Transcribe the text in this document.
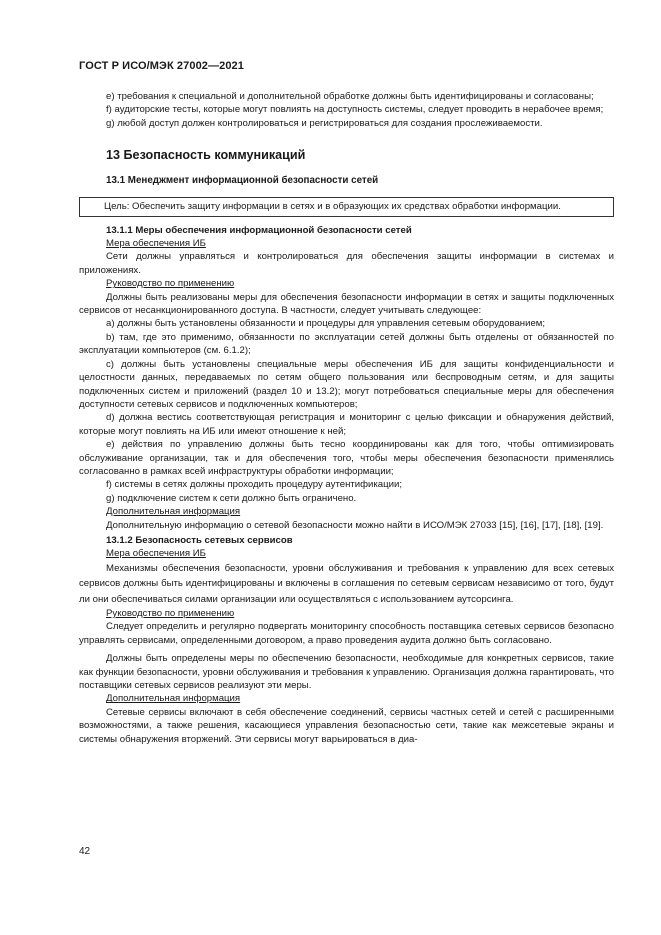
ГОСТ Р ИСО/МЭК 27002—2021

е) требования к специальной и дополнительной обработке должны быть идентифицированы и согласованы;

f) аудиторские тесты, которые могут повлиять на доступность системы, следует проводить в нерабочее время;

g) любой доступ должен контролироваться и регистрироваться для создания прослеживаемости.

13 Безопасность коммуникаций
13.1 Менеджмент информационной безопасности сетей
Цель: Обеспечить защиту информации в сетях и в образующих их средствах обработки информации.

13.1.1 Меры обеспечения информационной безопасности сетей

Мера обеспечения ИБ

Сети должны управляться и контролироваться для обеспечения защиты информации в системах и приложениях.

Руководство по применению

Должны быть реализованы меры для обеспечения безопасности информации в сетях и защиты подключенных сервисов от несанкционированного доступа. В частности, следует учитывать следующее:

а) должны быть установлены обязанности и процедуры для управления сетевым оборудованием;

b) там, где это применимо, обязанности по эксплуатации сетей должны быть отделены от обязанностей по эксплуатации компьютеров (см. 6.1.2);

c) должны быть установлены специальные меры обеспечения ИБ для защиты конфиденциальности и целостности данных, передаваемых по сетям общего пользования или беспроводным сетям, и для защиты подключенных систем и приложений (раздел 10 и 13.2); могут потребоваться специальные меры для обеспечения доступности сетевых сервисов и подключенных компьютеров;

d) должна вестись соответствующая регистрация и мониторинг с целью фиксации и обнаружения действий, которые могут повлиять на ИБ или имеют отношение к ней;

е) действия по управлению должны быть тесно координированы как для того, чтобы оптимизировать обслуживание организации, так и для обеспечения того, чтобы меры обеспечения безопасности применялись согласованно в рамках всей инфраструктуры обработки информации;

f) системы в сетях должны проходить процедуру аутентификации;

g) подключение систем к сети должно быть ограничено.

Дополнительная информация

Дополнительную информацию о сетевой безопасности можно найти в ИСО/МЭК 27033 [15], [16], [17], [18], [19].

13.1.2 Безопасность сетевых сервисов

Мера обеспечения ИБ

Механизмы обеспечения безопасности, уровни обслуживания и требования к управлению для всех сетевых сервисов должны быть идентифицированы и включены в соглашения по сетевым сервисам независимо от того, будут ли они обеспечиваться силами организации или осуществляться с использованием аутсорсинга.

Руководство по применению

Следует определить и регулярно подвергать мониторингу способность поставщика сетевых сервисов безопасно управлять сервисами, определенными договором, а право проведения аудита должно быть согласовано.

Должны быть определены меры по обеспечению безопасности, необходимые для конкретных сервисов, такие как функции безопасности, уровни обслуживания и требования к управлению. Организация должна гарантировать, что поставщики сетевых сервисов реализуют эти меры.

Дополнительная информация

Сетевые сервисы включают в себя обеспечение соединений, сервисы частных сетей и сетей с расширенными возможностями, а также решения, касающиеся управления безопасностью сети, такие как межсетевые экраны и системы обнаружения вторжений. Эти сервисы могут варьироваться в диа-

42
